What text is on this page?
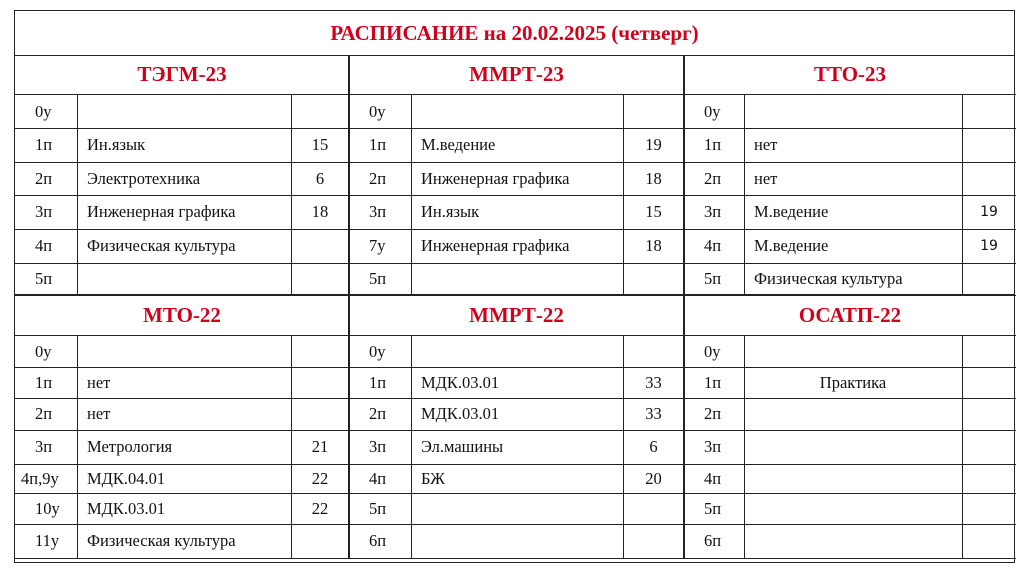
РАСПИСАНИЕ на 20.02.2025 (четверг)
ТЭГМ-23
0у
1п	Ин.язык	15
2п	Электротехника	6
3п	Инженерная графика	18
4п	Физическая культура
5п
ММРТ-23
0у
1п	М.ведение	19
2п	Инженерная графика	18
3п	Ин.язык	15
7у	Инженерная графика	18
5п
ТТО-23
0у
1п	нет
2п	нет
3п	М.ведение	19
4п	М.ведение	19
5п	Физическая культура
МТО-22
0у
1п	нет
2п	нет
3п	Метрология	21
4п,9у	МДК.04.01	22
10у	МДК.03.01	22
11у	Физическая культура
ММРТ-22
0у
1п	МДК.03.01	33
2п	МДК.03.01	33
3п	Эл.машины	6
4п	БЖ	20
5п
6п
ОСАТП-22
0у
1п	Практика
2п
3п
4п
5п
6п
